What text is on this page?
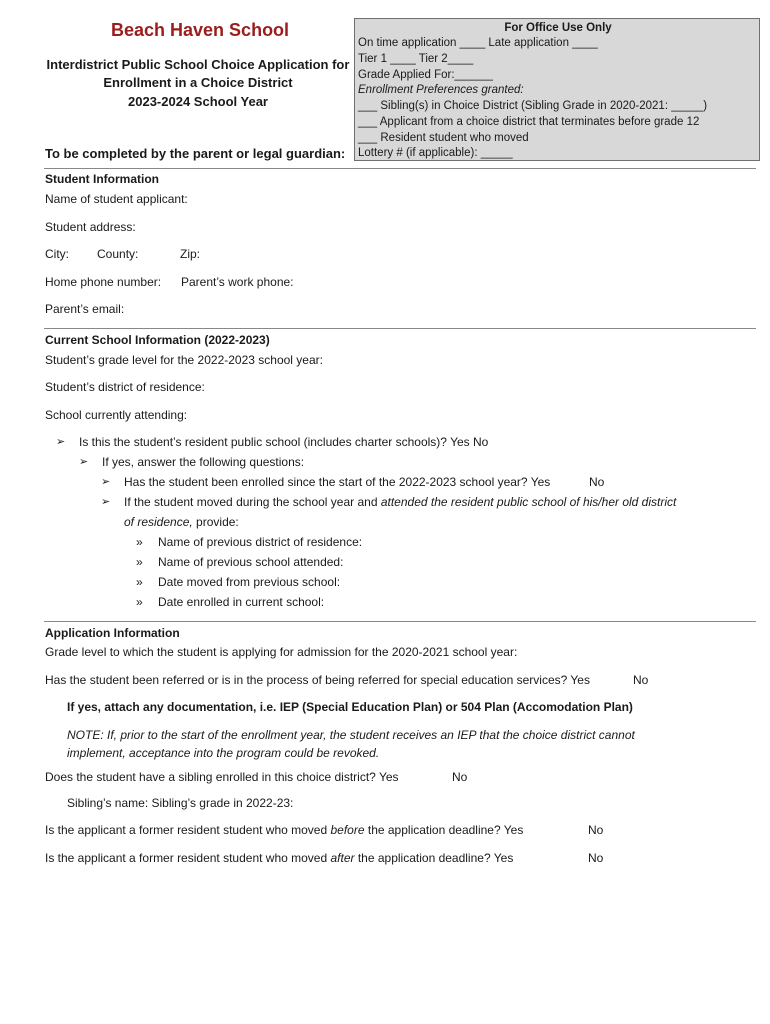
Beach Haven School
Interdistrict Public School Choice Application for
Enrollment in a Choice District
2023-2024 School Year
To be completed by the parent or legal guardian:
For Office Use Only
On time application ____ Late application ____
Tier 1 ____ Tier 2____
Grade Applied For:______
Enrollment Preferences granted:
___ Sibling(s) in Choice District (Sibling Grade in 2020-2021: _____)
___ Applicant from a choice district that terminates before grade 12
___ Resident student who moved
Lottery # (if applicable): _____
Student Information
Name of student applicant:
Student address:
City: County:	Zip:
Home phone number: Parent’s work phone:
Parent’s email:
Current School Information (2022-2023)
Student’s grade level for the 2022-2023 school year:
Student’s district of residence:
School currently attending:
➢ Is this the student’s resident public school (includes charter schools)? Yes No
➢ If yes, answer the following questions:
➢ Has the student been enrolled since the start of the 2022-2023 school year? Yes	No
➢ If the student moved during the school year and attended the resident public school of his/her old district
of residence, provide:
» Name of previous district of residence:
» Name of previous school attended:
» Date moved from previous school:
» Date enrolled in current school:
Application Information
Grade level to which the student is applying for admission for the 2020-2021 school year:
Has the student been referred or is in the process of being referred for special education services? Yes	No
If yes, attach any documentation, i.e. IEP (Special Education Plan) or 504 Plan (Accomodation Plan)
NOTE: If, prior to the start of the enrollment year, the student receives an IEP that the choice district cannot
implement, acceptance into the program could be revoked.
Does the student have a sibling enrolled in this choice district? Yes	No
Sibling’s name: Sibling’s grade in 2022-23:
Is the applicant a former resident student who moved before the application deadline? Yes	No
Is the applicant a former resident student who moved after the application deadline? Yes	No
